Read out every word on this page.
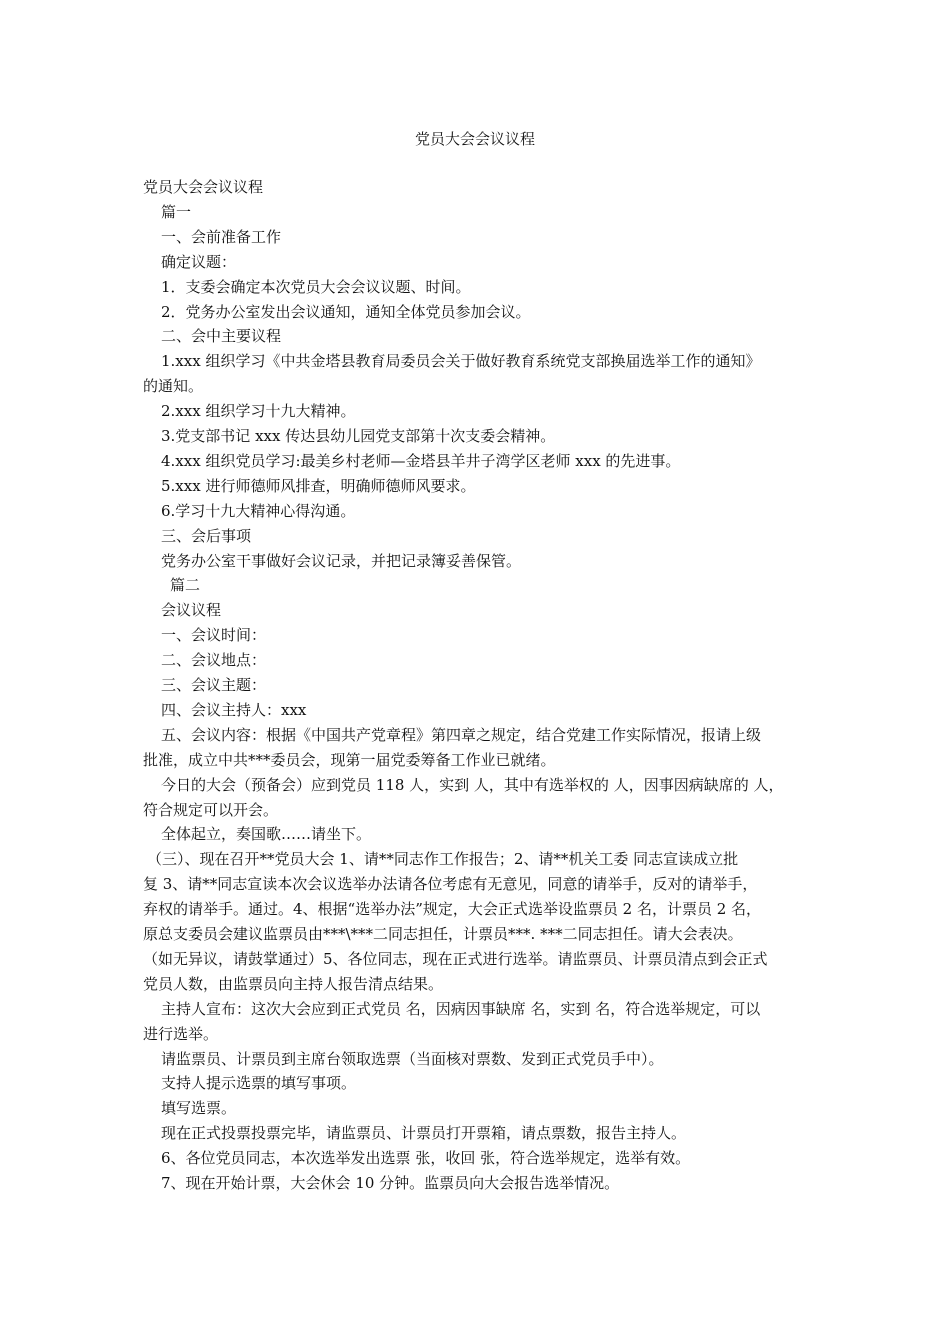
党员大会会议议程
党员大会会议议程
篇一
一、会前准备工作
确定议题：
1．支委会确定本次党员大会会议议题、时间。
2．党务办公室发出会议通知，通知全体党员参加会议。
二、会中主要议程
1.xxx 组织学习《中共金塔县教育局委员会关于做好教育系统党支部换届选举工作的通知》
的通知。
2.xxx 组织学习十九大精神。
3.党支部书记 xxx 传达县幼儿园党支部第十次支委会精神。
4.xxx 组织党员学习:最美乡村老师—金塔县羊井子湾学区老师 xxx 的先进事。
5.xxx 进行师德师风排查，明确师德师风要求。
6.学习十九大精神心得沟通。
三、会后事项
党务办公室干事做好会议记录，并把记录簿妥善保管。
篇二
会议议程
一、会议时间：
二、会议地点：
三、会议主题：
四、会议主持人：xxx
五、会议内容：根据《中国共产党章程》第四章之规定，结合党建工作实际情况，报请上级
批准，成立中共***委员会，现第一届党委筹备工作业已就绪。
今日的大会（预备会）应到党员 118 人，实到 人，其中有选举权的 人，因事因病缺席的 人，
符合规定可以开会。
全体起立，奏国歌……请坐下。
（三）、现在召开**党员大会 1、请**同志作工作报告；2、请**机关工委 同志宣读成立批
复 3、请**同志宣读本次会议选举办法请各位考虑有无意见，同意的请举手，反对的请举手，
弃权的请举手。通过。4、根据“选举办法”规定，大会正式选举设监票员 2 名，计票员 2 名，
原总支委员会建议监票员由***\***二同志担任，计票员***. ***二同志担任。请大会表决。
（如无异议，请鼓掌通过）5、各位同志，现在正式进行选举。请监票员、计票员清点到会正式
党员人数，由监票员向主持人报告清点结果。
主持人宣布：这次大会应到正式党员 名，因病因事缺席 名，实到 名，符合选举规定，可以
进行选举。
请监票员、计票员到主席台领取选票（当面核对票数、发到正式党员手中）。
支持人提示选票的填写事项。
填写选票。
现在正式投票投票完毕，请监票员、计票员打开票箱，请点票数，报告主持人。
6、各位党员同志，本次选举发出选票 张，收回 张，符合选举规定，选举有效。
7、现在开始计票，大会休会 10 分钟。监票员向大会报告选举情况。
